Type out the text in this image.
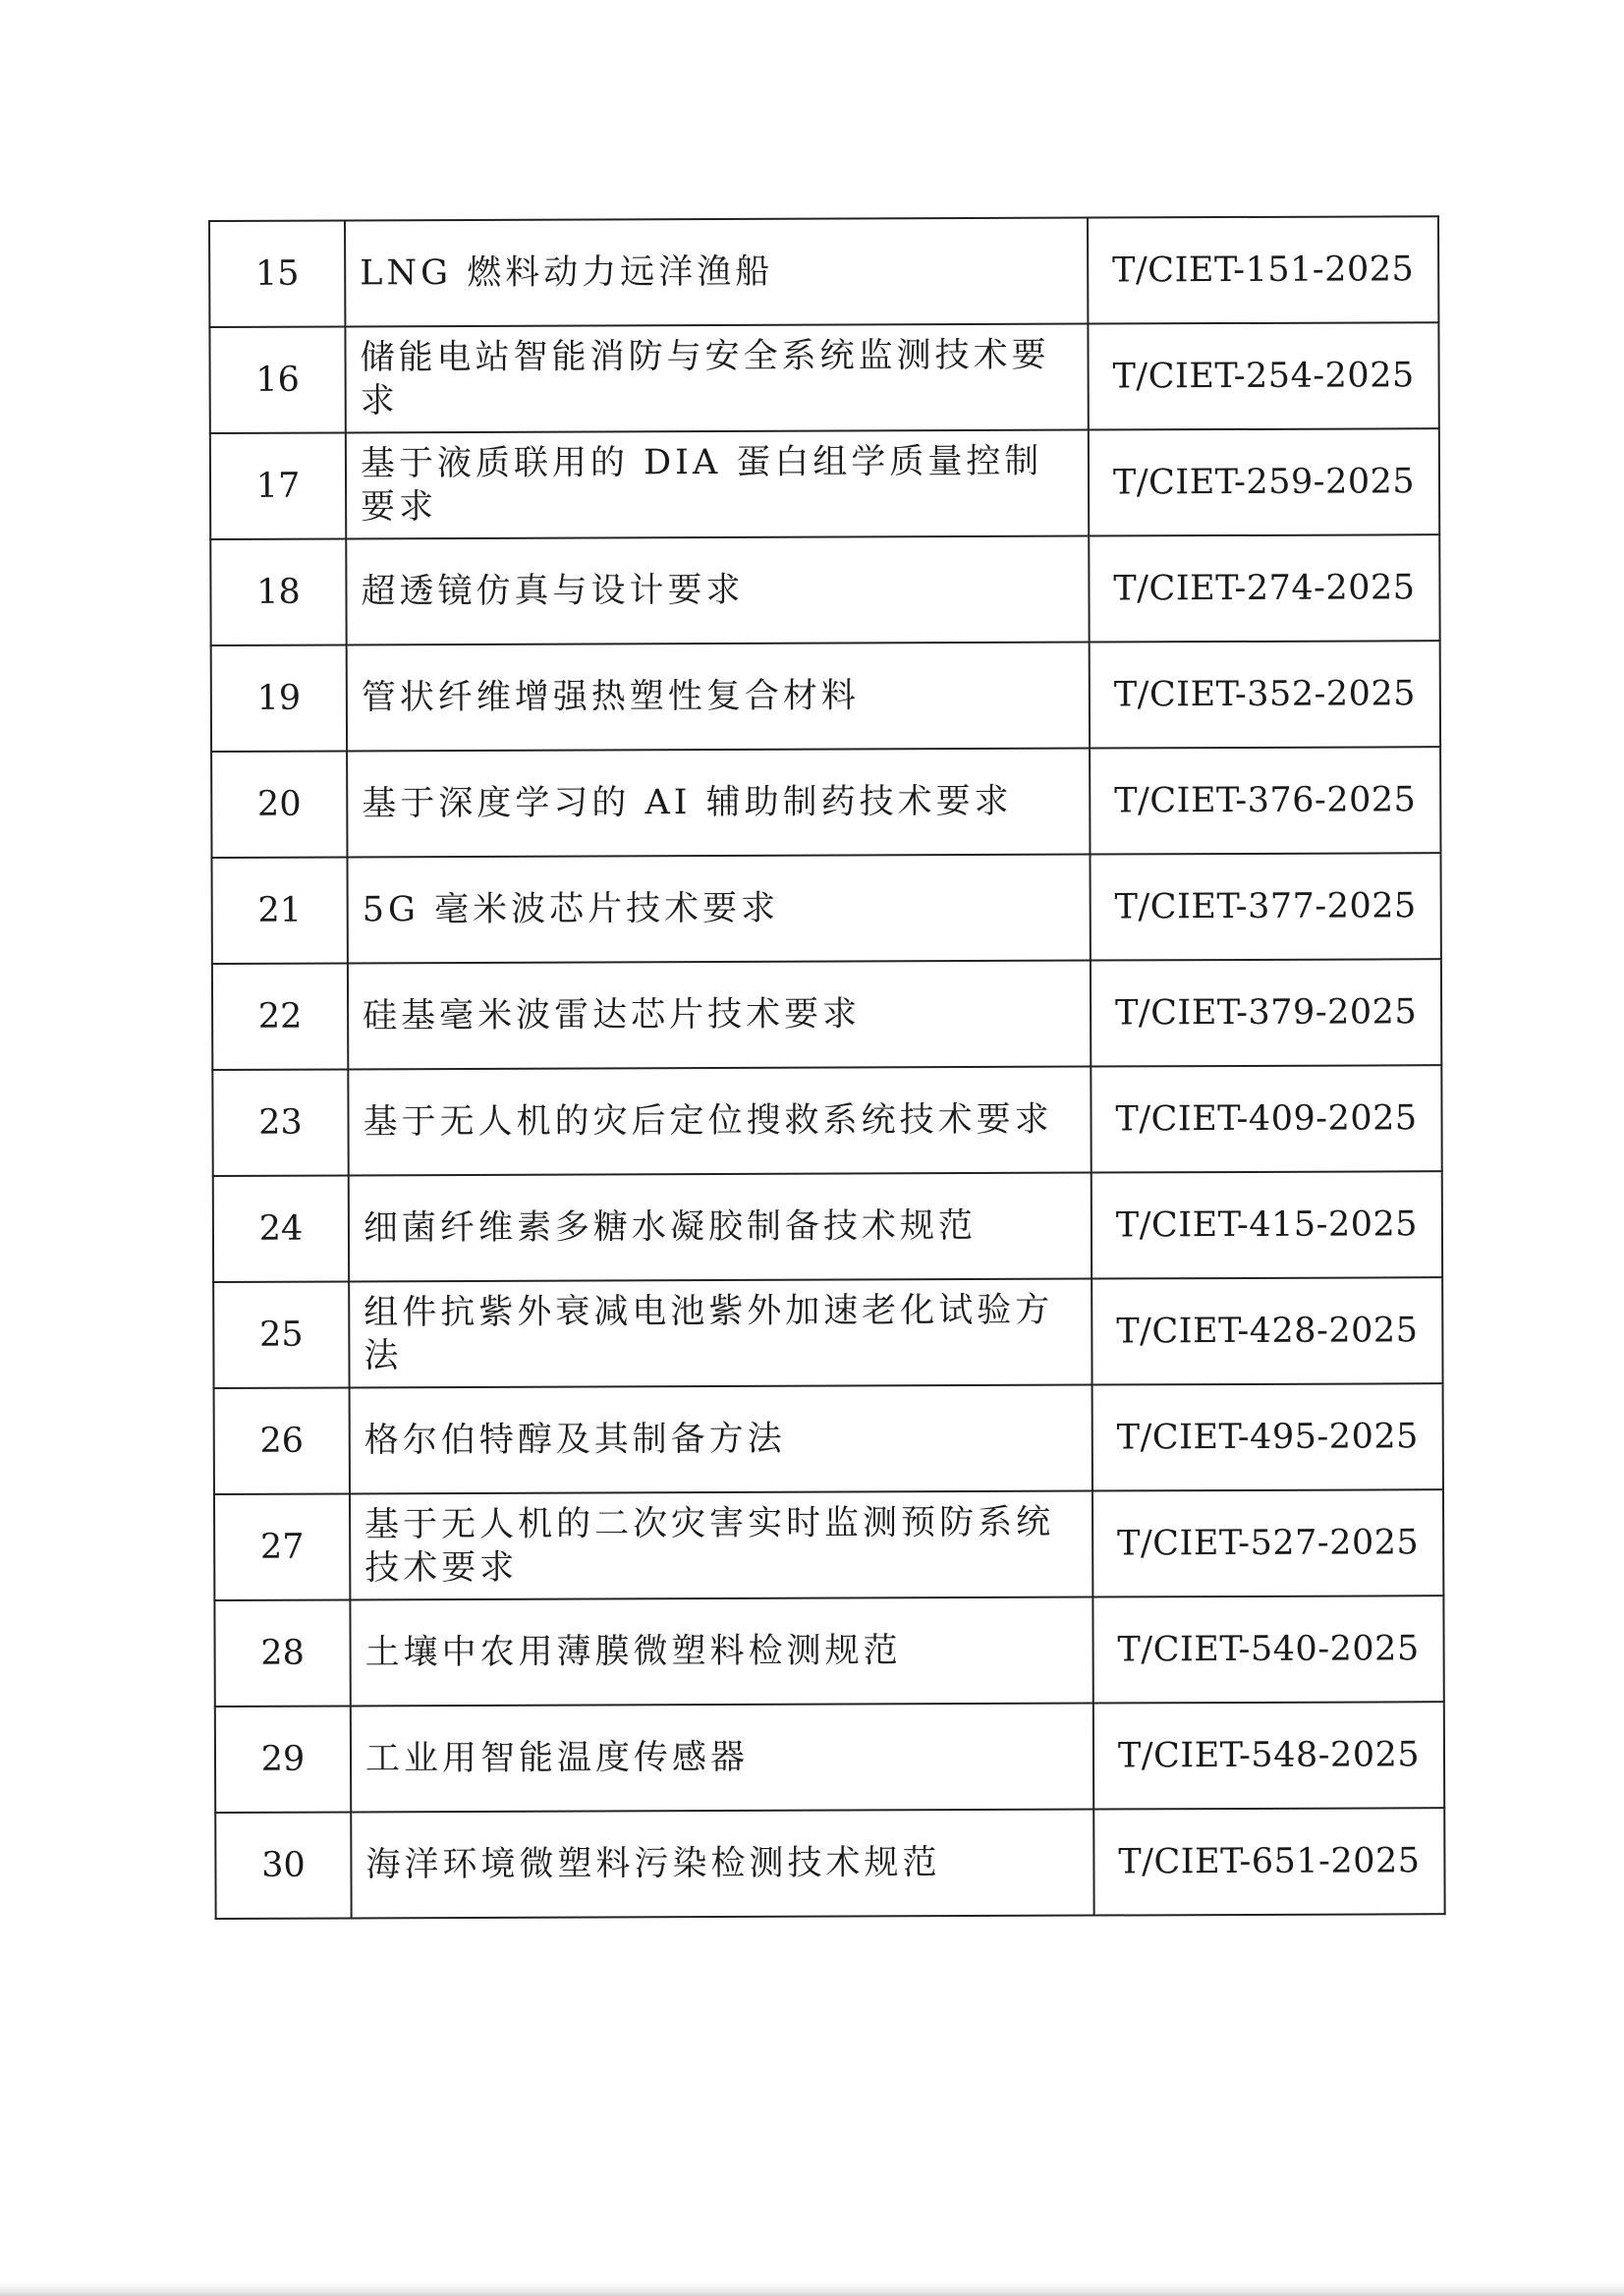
15	LNG 燃料动力远洋渔船	T/CIET-151-2025
16	储能电站智能消防与安全系统监测技术要求	T/CIET-254-2025
17	基于液质联用的 DIA 蛋白组学质量控制要求	T/CIET-259-2025
18	超透镜仿真与设计要求	T/CIET-274-2025
19	管状纤维增强热塑性复合材料	T/CIET-352-2025
20	基于深度学习的 AI 辅助制药技术要求	T/CIET-376-2025
21	5G 毫米波芯片技术要求	T/CIET-377-2025
22	硅基毫米波雷达芯片技术要求	T/CIET-379-2025
23	基于无人机的灾后定位搜救系统技术要求	T/CIET-409-2025
24	细菌纤维素多糖水凝胶制备技术规范	T/CIET-415-2025
25	组件抗紫外衰减电池紫外加速老化试验方法	T/CIET-428-2025
26	格尔伯特醇及其制备方法	T/CIET-495-2025
27	基于无人机的二次灾害实时监测预防系统技术要求	T/CIET-527-2025
28	土壤中农用薄膜微塑料检测规范	T/CIET-540-2025
29	工业用智能温度传感器	T/CIET-548-2025
30	海洋环境微塑料污染检测技术规范	T/CIET-651-2025
